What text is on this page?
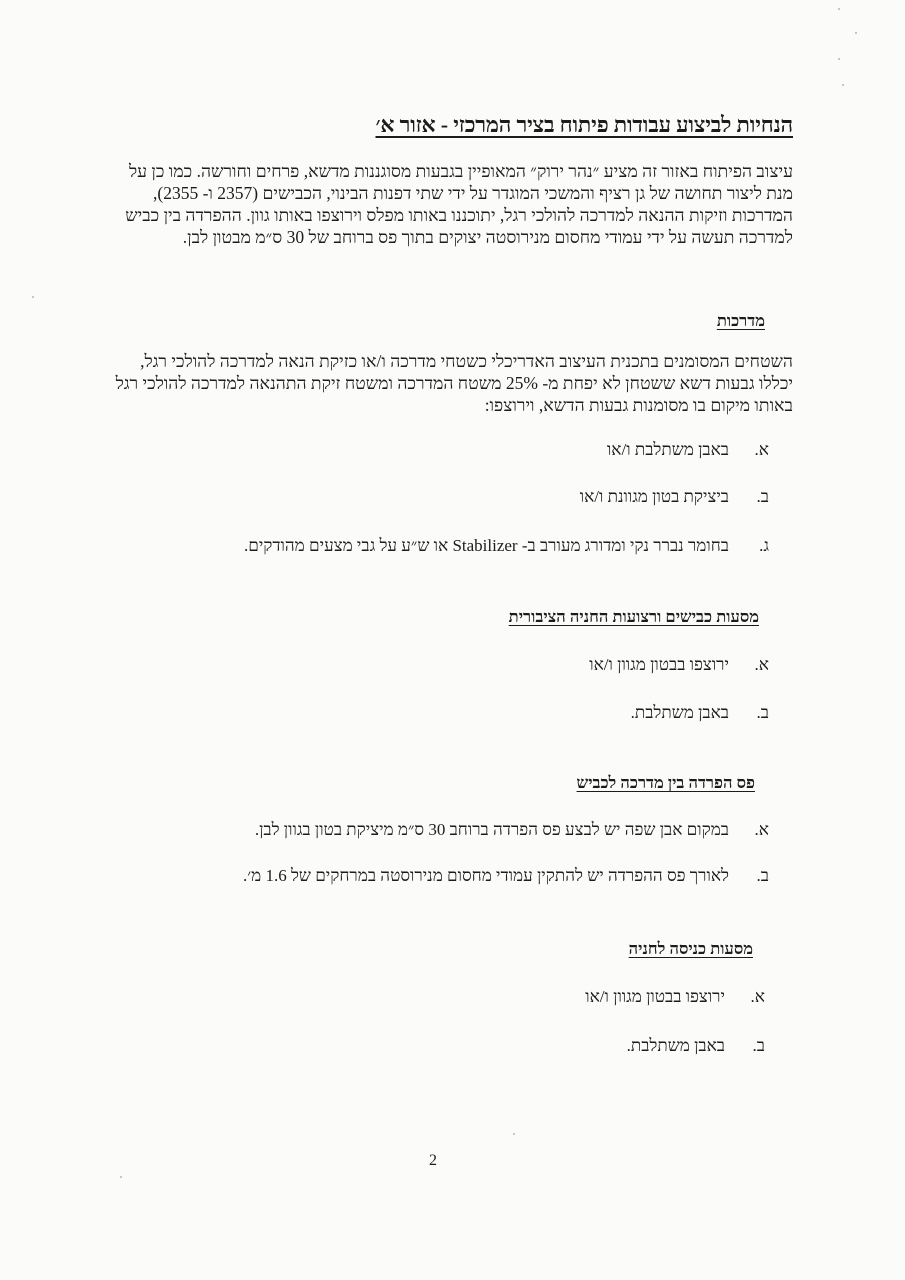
הנחיות לביצוע עבודות פיתוח בציר המרכזי - אזור א׳
עיצוב הפיתוח באזור זה מציע ״נהר ירוק״ המאופיין בגבעות מסוגננות מדשא, פרחים וחורשה. כמו כן על מנת ליצור תחושה של גן רציף והמשכי המוגדר על ידי שתי דפנות הבינוי, הכבישים (2357 ו- 2355), המדרכות וזיקות ההנאה למדרכה להולכי רגל, יתוכננו באותו מפלס וירוצפו באותו גוון. ההפרדה בין כביש למדרכה תעשה על ידי עמודי מחסום מנירוסטה יצוקים בתוך פס ברוחב של 30 ס״מ מבטון לבן.
מדרכות
השטחים המסומנים בתכנית העיצוב האדריכלי כשטחי מדרכה ו/או כזיקת הנאה למדרכה להולכי רגל, יכללו גבעות דשא ששטחן לא יפחת מ- 25% משטח המדרכה ומשטח זיקת התהנאה למדרכה להולכי רגל באותו מיקום בו מסומנות גבעות הדשא, וירוצפו:
א.באבן משתלבת ו/או
ב.ביציקת בטון מגוונת ו/או
ג.בחומר נברר נקי ומדורג מעורב ב- Stabilizer או ש״ע על גבי מצעים מהודקים.
מסעות כבישים ורצועות החניה הציבורית
א.ירוצפו בבטון מגוון ו/או
ב.באבן משתלבת.
פס הפרדה בין מדרכה לכביש
א.במקום אבן שפה יש לבצע פס הפרדה ברוחב 30 ס״מ מיציקת בטון בגוון לבן.
ב.לאורך פס ההפרדה יש להתקין עמודי מחסום מנירוסטה במרחקים של 1.6 מ׳.
מסעות כניסה לחניה
א.ירוצפו בבטון מגוון ו/או
ב.באבן משתלבת.
2
